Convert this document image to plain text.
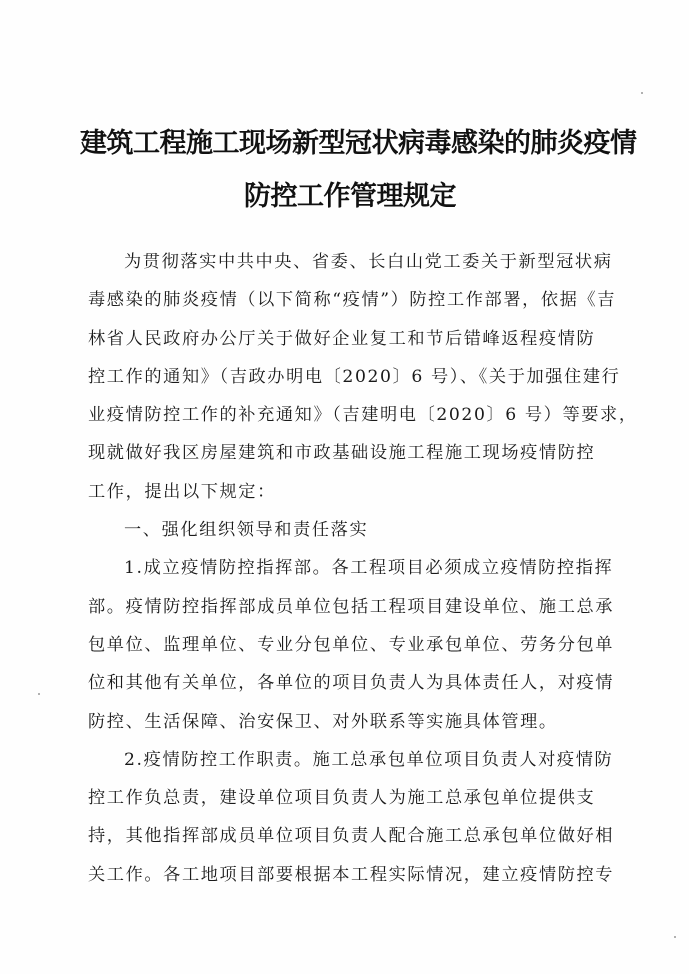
建筑工程施工现场新型冠状病毒感染的肺炎疫情
防控工作管理规定
为贯彻落实中共中央、省委、长白山党工委关于新型冠状病
毒感染的肺炎疫情（以下简称“疫情”）防控工作部署，依据《吉
林省人民政府办公厅关于做好企业复工和节后错峰返程疫情防
控工作的通知》（吉政办明电〔2020〕6 号）、《关于加强住建行
业疫情防控工作的补充通知》（吉建明电〔2020〕6 号）等要求，
现就做好我区房屋建筑和市政基础设施工程施工现场疫情防控
工作，提出以下规定：
一、强化组织领导和责任落实
1.成立疫情防控指挥部。各工程项目必须成立疫情防控指挥
部。疫情防控指挥部成员单位包括工程项目建设单位、施工总承
包单位、监理单位、专业分包单位、专业承包单位、劳务分包单
位和其他有关单位，各单位的项目负责人为具体责任人，对疫情
防控、生活保障、治安保卫、对外联系等实施具体管理。
2.疫情防控工作职责。施工总承包单位项目负责人对疫情防
控工作负总责，建设单位项目负责人为施工总承包单位提供支
持，其他指挥部成员单位项目负责人配合施工总承包单位做好相
关工作。各工地项目部要根据本工程实际情况，建立疫情防控专
